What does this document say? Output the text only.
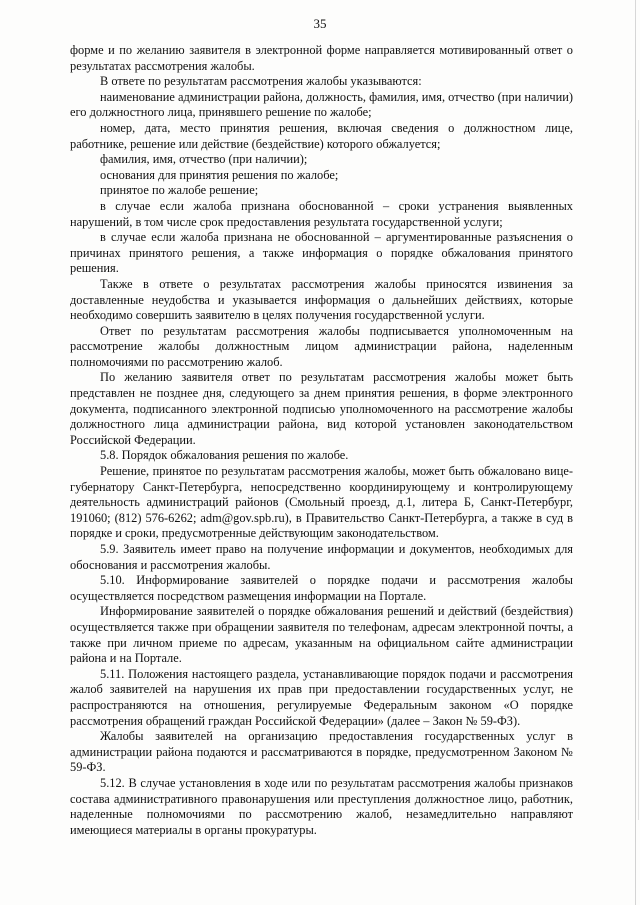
35

форме и по желанию заявителя в электронной форме направляется мотивированный ответ о результатах рассмотрения жалобы.

В ответе по результатам рассмотрения жалобы указываются:

наименование администрации района, должность, фамилия, имя, отчество (при наличии) его должностного лица, принявшего решение по жалобе;

номер, дата, место принятия решения, включая сведения о должностном лице, работнике, решение или действие (бездействие) которого обжалуется;

фамилия, имя, отчество (при наличии);

основания для принятия решения по жалобе;

принятое по жалобе решение;

в случае если жалоба признана обоснованной – сроки устранения выявленных нарушений, в том числе срок предоставления результата государственной услуги;

в случае если жалоба признана не обоснованной – аргументированные разъяснения о причинах принятого решения, а также информация о порядке обжалования принятого решения.

Также в ответе о результатах рассмотрения жалобы приносятся извинения за доставленные неудобства и указывается информация о дальнейших действиях, которые необходимо совершить заявителю в целях получения государственной услуги.

Ответ по результатам рассмотрения жалобы подписывается уполномоченным на рассмотрение жалобы должностным лицом администрации района, наделенным полномочиями по рассмотрению жалоб.

По желанию заявителя ответ по результатам рассмотрения жалобы может быть представлен не позднее дня, следующего за днем принятия решения, в форме электронного документа, подписанного электронной подписью уполномоченного на рассмотрение жалобы должностного лица администрации района, вид которой установлен законодательством Российской Федерации.

5.8. Порядок обжалования решения по жалобе.

Решение, принятое по результатам рассмотрения жалобы, может быть обжаловано вице-губернатору Санкт-Петербурга, непосредственно координирующему и контролирующему деятельность администраций районов (Смольный проезд, д.1, литера Б, Санкт-Петербург, 191060; (812) 576-6262; adm@gov.spb.ru), в Правительство Санкт-Петербурга, а также в суд в порядке и сроки, предусмотренные действующим законодательством.

5.9. Заявитель имеет право на получение информации и документов, необходимых для обоснования и рассмотрения жалобы.

5.10. Информирование заявителей о порядке подачи и рассмотрения жалобы осуществляется посредством размещения информации на Портале.

Информирование заявителей о порядке обжалования решений и действий (бездействия) осуществляется также при обращении заявителя по телефонам, адресам электронной почты, а также при личном приеме по адресам, указанным на официальном сайте администрации района и на Портале.

5.11. Положения настоящего раздела, устанавливающие порядок подачи и рассмотрения жалоб заявителей на нарушения их прав при предоставлении государственных услуг, не распространяются на отношения, регулируемые Федеральным законом «О порядке рассмотрения обращений граждан Российской Федерации» (далее – Закон № 59-ФЗ).

Жалобы заявителей на организацию предоставления государственных услуг в администрации района подаются и рассматриваются в порядке, предусмотренном Законом № 59-ФЗ.

5.12. В случае установления в ходе или по результатам рассмотрения жалобы признаков состава административного правонарушения или преступления должностное лицо, работник, наделенные полномочиями по рассмотрению жалоб, незамедлительно направляют имеющиеся материалы в органы прокуратуры.
